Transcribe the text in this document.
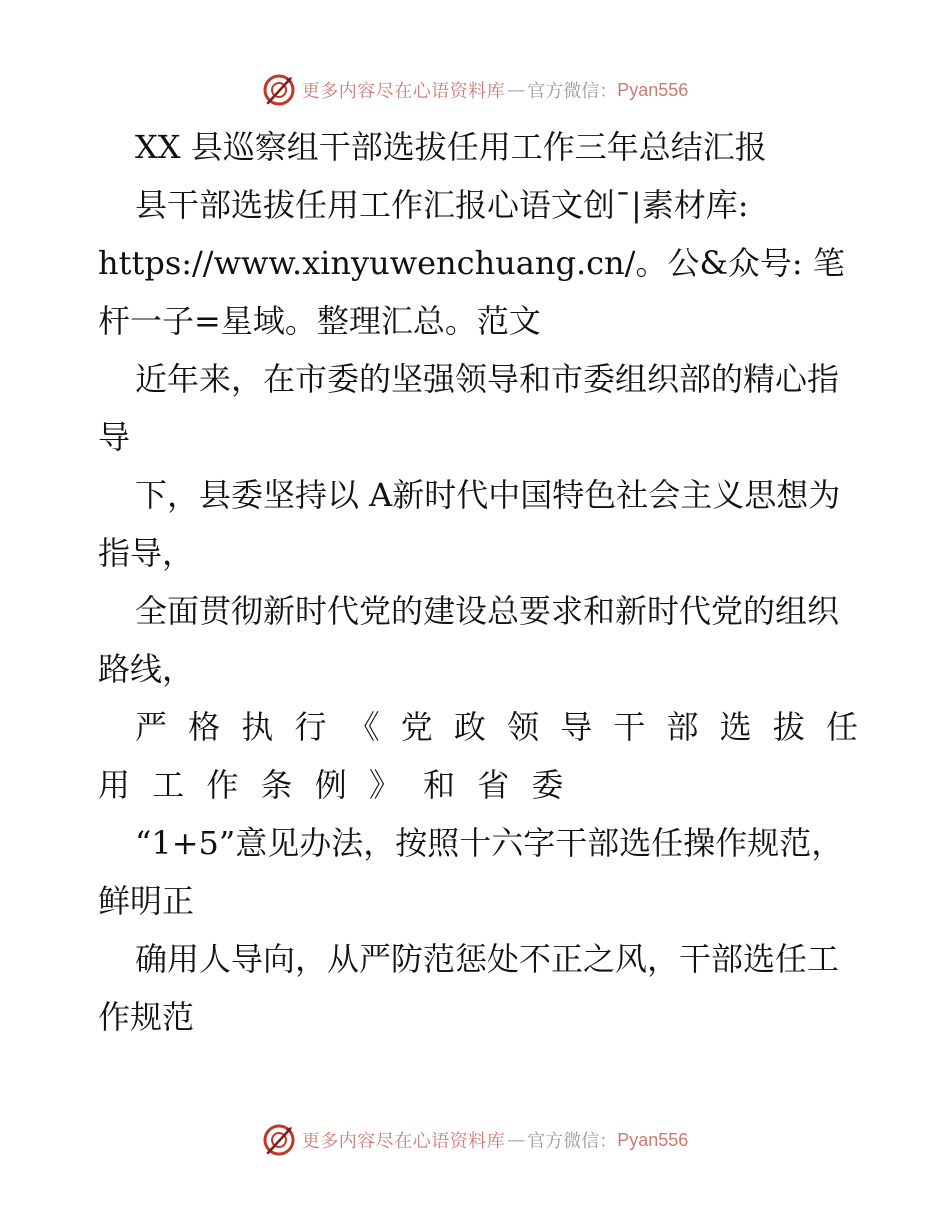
更多内容尽在心语资料库 — 官方微信： Pyan556

XX 县巡察组干部选拔任用工作三年总结汇报

县干部选拔任用工作汇报心语文创¯|素材库:
https://www.xinyuwenchuang.cn/。公&众号: 笔杆一子=星域。整理汇总。范文

近年来，在市委的坚强领导和市委组织部的精心指导

下，县委坚持以 A新时代中国特色社会主义思想为指导，

全面贯彻新时代党的建设总要求和新时代党的组织路线，

严 格 执 行 《 党 政 领 导 干 部 选 拔 任

用 工 作 条 例 》 和 省 委

“1+5”意见办法，按照十六字干部选任操作规范，鲜明正

确用人导向，从严防范惩处不正之风，干部选任工作规范

更多内容尽在心语资料库 — 官方微信： Pyan556
